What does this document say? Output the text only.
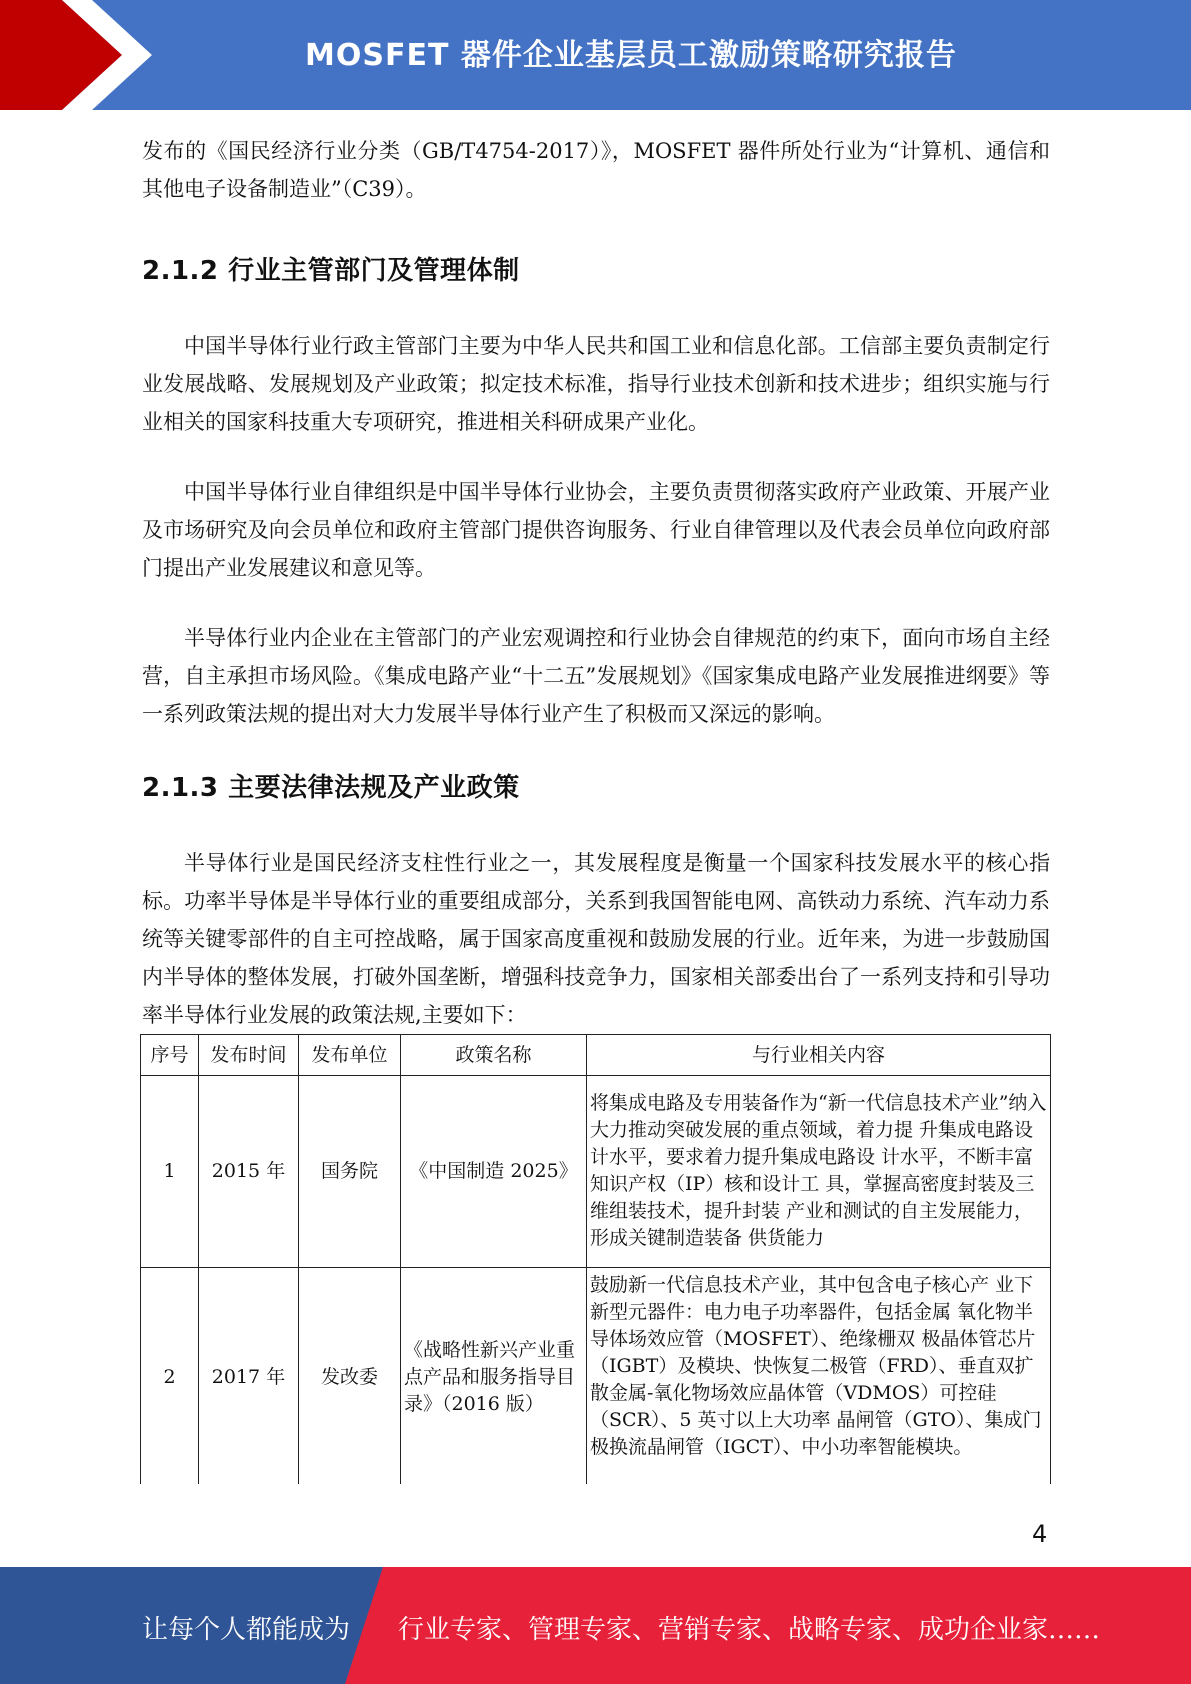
MOSFET 器件企业基层员工激励策略研究报告

发布的《国民经济行业分类（GB/T4754-2017）》，MOSFET 器件所处行业为“计算机、通信和其他电子设备制造业”（C39）。

2.1.2 行业主管部门及管理体制

中国半导体行业行政主管部门主要为中华人民共和国工业和信息化部。工信部主要负责制定行业发展战略、发展规划及产业政策；拟定技术标准，指导行业技术创新和技术进步；组织实施与行业相关的国家科技重大专项研究，推进相关科研成果产业化。

中国半导体行业自律组织是中国半导体行业协会，主要负责贯彻落实政府产业政策、开展产业及市场研究及向会员单位和政府主管部门提供咨询服务、行业自律管理以及代表会员单位向政府部门提出产业发展建议和意见等。

半导体行业内企业在主管部门的产业宏观调控和行业协会自律规范的约束下，面向市场自主经营，自主承担市场风险。《集成电路产业“十二五”发展规划》《国家集成电路产业发展推进纲要》等一系列政策法规的提出对大力发展半导体行业产生了积极而又深远的影响。

2.1.3 主要法律法规及产业政策

半导体行业是国民经济支柱性行业之一，其发展程度是衡量一个国家科技发展水平的核心指标。功率半导体是半导体行业的重要组成部分，关系到我国智能电网、高铁动力系统、汽车动力系统等关键零部件的自主可控战略，属于国家高度重视和鼓励发展的行业。近年来，为进一步鼓励国内半导体的整体发展，打破外国垄断，增强科技竞争力，国家相关部委出台了一系列支持和引导功率半导体行业发展的政策法规,主要如下：

序号	发布时间	发布单位	政策名称	与行业相关内容
1	2015 年	国务院	《中国制造 2025》	将集成电路及专用装备作为“新一代信息技术产业”纳入大力推动突破发展的重点领域，着力提 升集成电路设计水平，要求着力提升集成电路设 计水平，不断丰富知识产权（IP）核和设计工 具，掌握高密度封装及三维组装技术，提升封装 产业和测试的自主发展能力，形成关键制造装备 供货能力
2	2017 年	发改委	《战略性新兴产业重点产品和服务指导目录》（2016 版）	鼓励新一代信息技术产业，其中包含电子核心产 业下新型元器件：电力电子功率器件，包括金属 氧化物半导体场效应管（MOSFET）、绝缘栅双 极晶体管芯片（IGBT）及模块、快恢复二极管（FRD）、垂直双扩散金属-氧化物场效应晶体管（VDMOS）可控硅（SCR）、5 英寸以上大功率 晶闸管（GTO）、集成门极换流晶闸管（IGCT）、中小功率智能模块。
4
让每个人都能成为 行业专家、管理专家、营销专家、战略专家、成功企业家……
